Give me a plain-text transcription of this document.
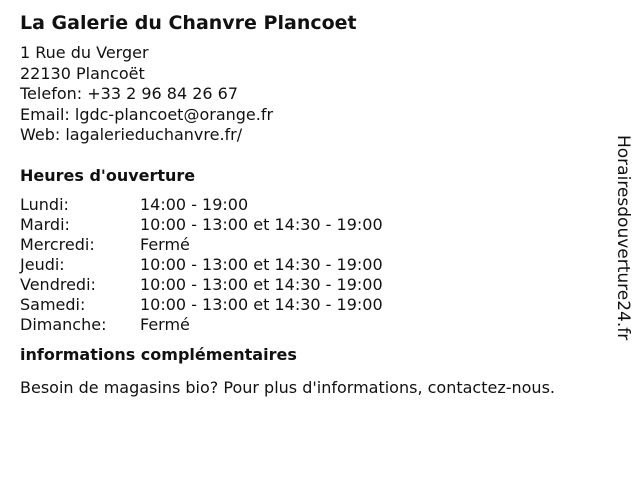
La Galerie du Chanvre Plancoet
1 Rue du Verger
22130 Plancoët
Telefon: +33 2 96 84 26 67
Email: lgdc-plancoet@orange.fr
Web: lagalerieduchanvre.fr/
Heures d'ouverture
Lundi:	14:00 - 19:00
Mardi:	10:00 - 13:00 et 14:30 - 19:00
Mercredi:	Fermé
Jeudi:	10:00 - 13:00 et 14:30 - 19:00
Vendredi:	10:00 - 13:00 et 14:30 - 19:00
Samedi:	10:00 - 13:00 et 14:30 - 19:00
Dimanche:	Fermé
informations complémentaires
Besoin de magasins bio? Pour plus d'informations, contactez-nous.
Horairesdouverture24.fr
